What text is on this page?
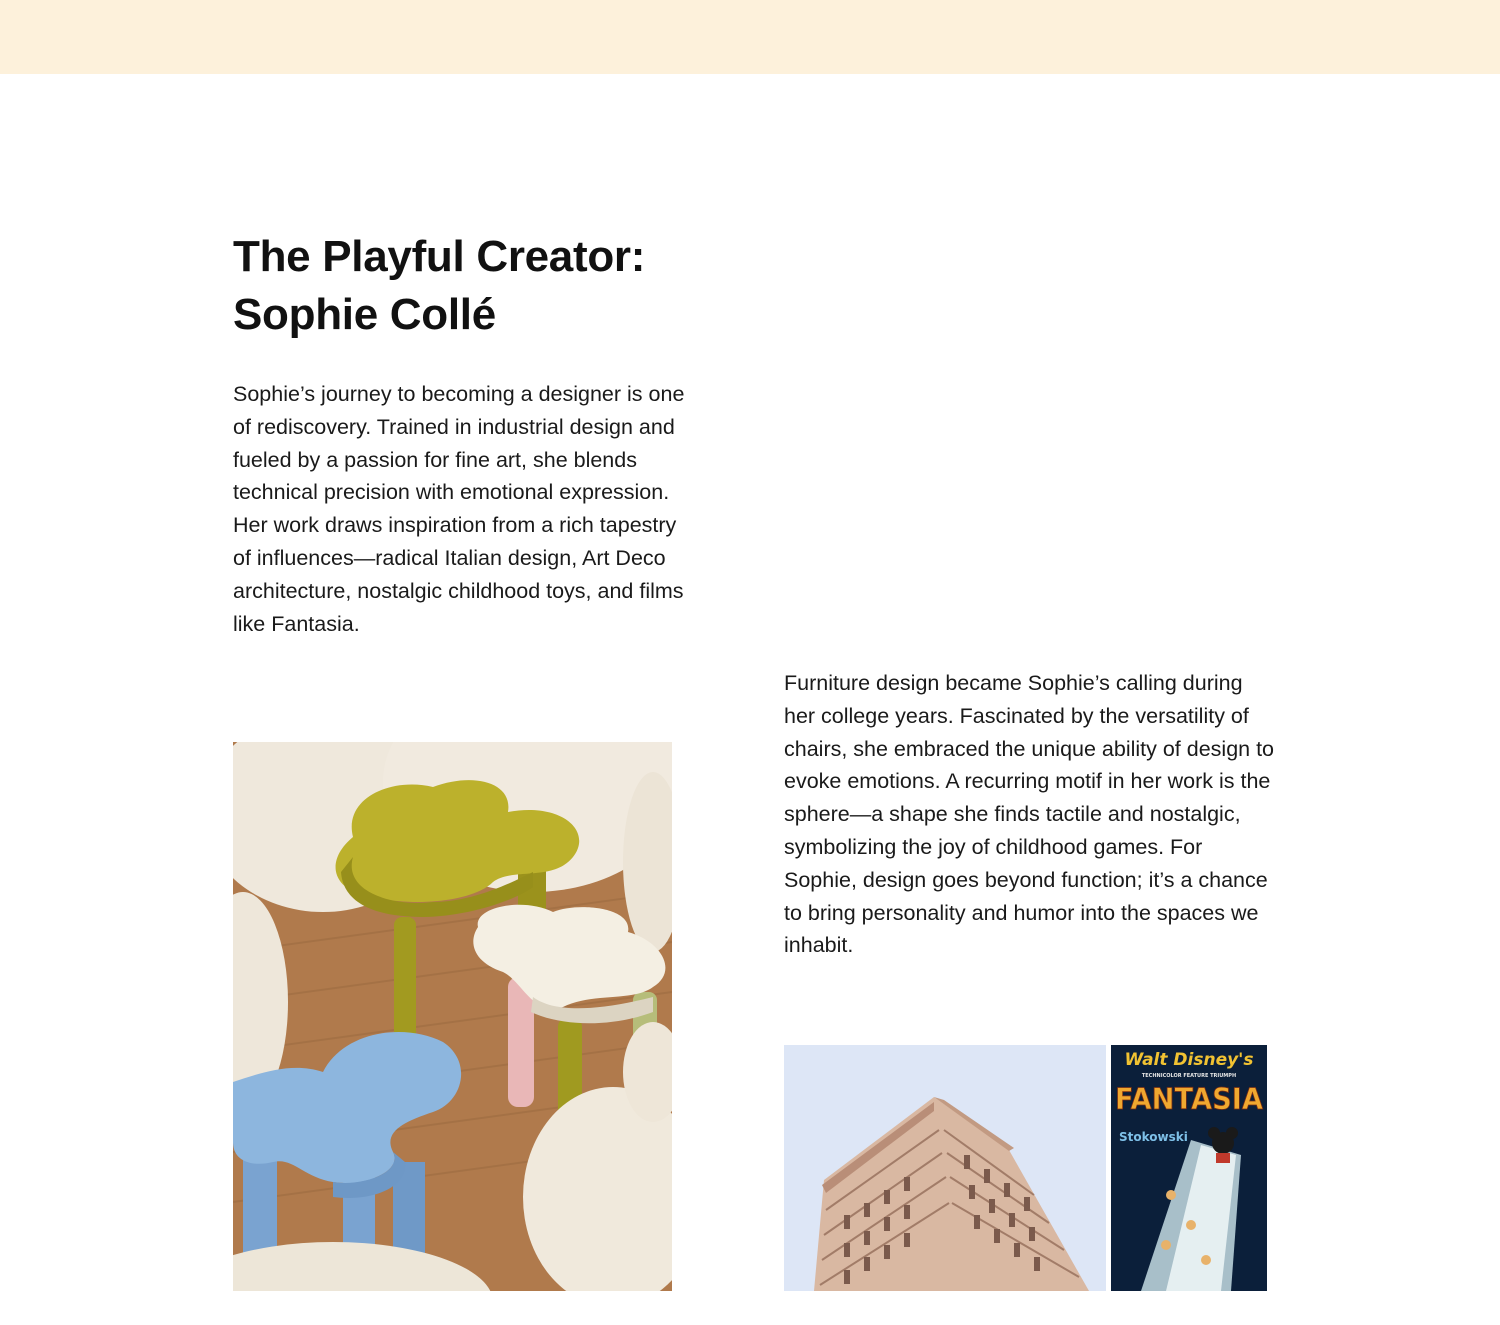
The Playful Creator:
Sophie Collé

Sophie’s journey to becoming a designer is one of rediscovery. Trained in industrial design and fueled by a passion for fine art, she blends technical precision with emotional expression. Her work draws inspiration from a rich tapestry of influences—radical Italian design, Art Deco architecture, nostalgic childhood toys, and films like Fantasia.

Furniture design became Sophie’s calling during her college years. Fascinated by the versatility of chairs, she embraced the unique ability of design to evoke emotions. A recurring motif in her work is the sphere—a shape she finds tactile and nostalgic, symbolizing the joy of childhood games. For Sophie, design goes beyond function; it’s a chance to bring personality and humor into the spaces we inhabit.

Walt Disney's
TECHNICOLOR FEATURE TRIUMPH
FANTASIA
Stokowski
